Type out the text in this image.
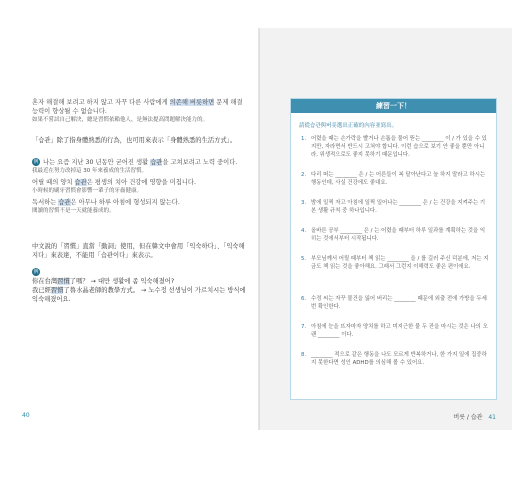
혼자 해결해 보려고 하지 않고 자꾸 다른 사람에게 의존해 버릇하면 문제 해결 능력이 향상될 수 없습니다.
如果不嘗試自己解決，總是習慣依賴他人，是無法提高問題解決能力的。
「습관」除了指身體熟悉的行為，也可用來表示「身體熟悉的生活方式」。
例 나는 요즘 지난 30 년동안 굳어진 생활 습관을 고쳐보려고 노력 중이다.
我最近在努力改掉這 30 年來養成的生活習慣。
어릴 때의 양치 습관은 평생의 치아 건강에 영향을 미칩니다.
小時候的刷牙習慣會影響一輩子的牙齒健康。
독서하는 습관은 아무나 하루 아침에 형성되지 않는다.
閱讀的習慣不是一天就能養成的。
中文說的「習慣」直當「動詞」使用，但在韓文中會用「익숙하다」、「익숙해지다」來表達，不能用「습관이다」來表示。
例
你在台灣習慣了嗎？ → 대만 생활에 좀 익숙해졌어?
我已經習慣了魯水晶老師的教學方式。 → 노수정 선생님이 가르치시는 방식에 익숙해졌어요.
40
練習一下！
請從습관與버릇選出正確的內容並寫出。
1. 어렸을 때는 손가락을 빨거나 손톱을 물어 뜯는 ________ 이 / 가 있을 수 있지만, 자라면서 반드시 고쳐야 합니다. 이런 습으로 보기 안 좋을 뿐만 아니라, 위생적으로도 좋지 못하기 때문입니다.
2. 다리 떠는 ________ 은 / 는 어른들이 복 달아난다고 늘 하지 말라고 하시는 행동인데, 사실 건강에도 좋대요.
3. 밤에 일찍 자고 아침에 일찍 일어나는 ________ 은 / 는 건강을 지켜주는 기본 생활 규칙 중 하나입니다.
4. 올바른 공부 ________ 은 / 는 어렸을 때부터 하루 일과를 계획하는 것을 익히는 것에서부터 시작됩니다.
5. 부모님께서 어릴 때부터 책 읽는 ________ 을 / 를 길러 주신 덕분에, 저는 지금도 책 읽는 것을 좋아해요. 그래서 그런지 이해력도 좋은 편이에요.
6. 수정 씨는 자꾸 물건을 잃어 버리는 ________ 때문에 외출 전에 가방을 두세 번 확인한다.
7. 아침에 눈을 뜨자마자 양치를 하고 미지근한 물 두 잔을 마시는 것은 나의 오랜 ________ 이다.
8. ________ 적으로 같은 행동을 나도 모르게 반복하거나, 한 가지 일에 집중하지 못한다면 성인 ADHD를 의심해 볼 수 있어요.
버릇 / 습관 41
